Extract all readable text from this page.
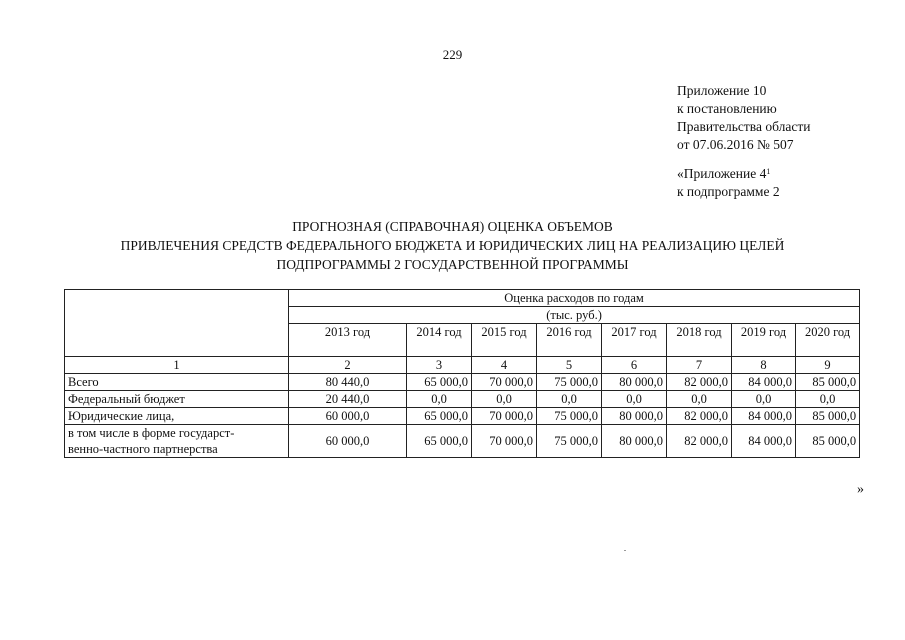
229
Приложение 10
к постановлению
Правительства области
от 07.06.2016 № 507
«Приложение $4^1$
к подпрограмме 2
ПРОГНОЗНАЯ (СПРАВОЧНАЯ) ОЦЕНКА ОБЪЕМОВ
ПРИВЛЕЧЕНИЯ СРЕДСТВ ФЕДЕРАЛЬНОГО БЮДЖЕТА И ЮРИДИЧЕСКИХ ЛИЦ НА РЕАЛИЗАЦИЮ ЦЕЛЕЙ
ПОДПРОГРАММЫ 2 ГОСУДАРСТВЕННОЙ ПРОГРАММЫ
	Оценка расходов по годам							
	(тыс. руб.)							
	2013 год	2014 год	2015 год	2016 год	2017 год	2018 год	2019 год	2020 год
1	2	3	4	5	6	7	8	9
Всего	80 440,0	65 000,0	70 000,0	75 000,0	80 000,0	82 000,0	84 000,0	85 000,0
Федеральный бюджет	20 440,0	0,0	0,0	0,0	0,0	0,0	0,0	0,0
Юридические лица,	60 000,0	65 000,0	70 000,0	75 000,0	80 000,0	82 000,0	84 000,0	85 000,0

в том числе в форме государст-
венно-частного партнерства	60 000,0	65 000,0	70 000,0	75 000,0	80 000,0	82 000,0	84 000,0	85 000,0
»
